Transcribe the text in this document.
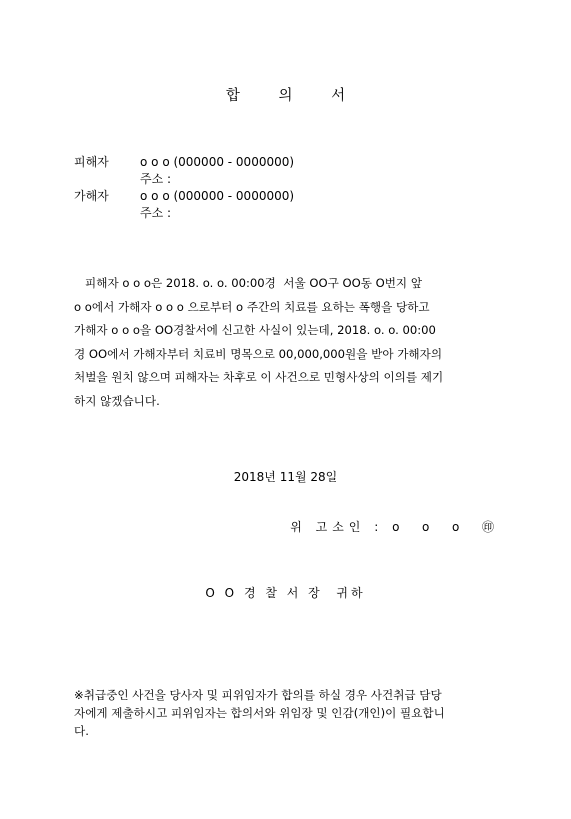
합	의	서
피해자	o o o (000000 - 0000000)
주소 :
가해자	o o o (000000 - 0000000)
주소 :
피해자 o o o은 2018. o. o. 00:00경  서울 OO구 OO동 O번지 앞
o o에서 가해자 o o o 으로부터 o 주간의 치료를 요하는 폭행을 당하고
가해자 o o o을 OO경찰서에 신고한 사실이 있는데, 2018. o. o. 00:00
경 OO에서 가해자부터 치료비 명목으로 00,000,000원을 받아 가해자의
처벌을 원치 않으며 피해자는 차후로 이 사건으로 민형사상의 이의를 제기
하지 않겠습니다.
2018년 11월 28일
위 고소인 : o  o  o  ㊞
O O 경 찰 서 장  귀하
※취급중인 사건을 당사자 및 피위임자가 합의를 하실 경우 사건취급 담당
자에게 제출하시고 피위임자는 합의서와 위임장 및 인감(개인)이 필요합니
다.
